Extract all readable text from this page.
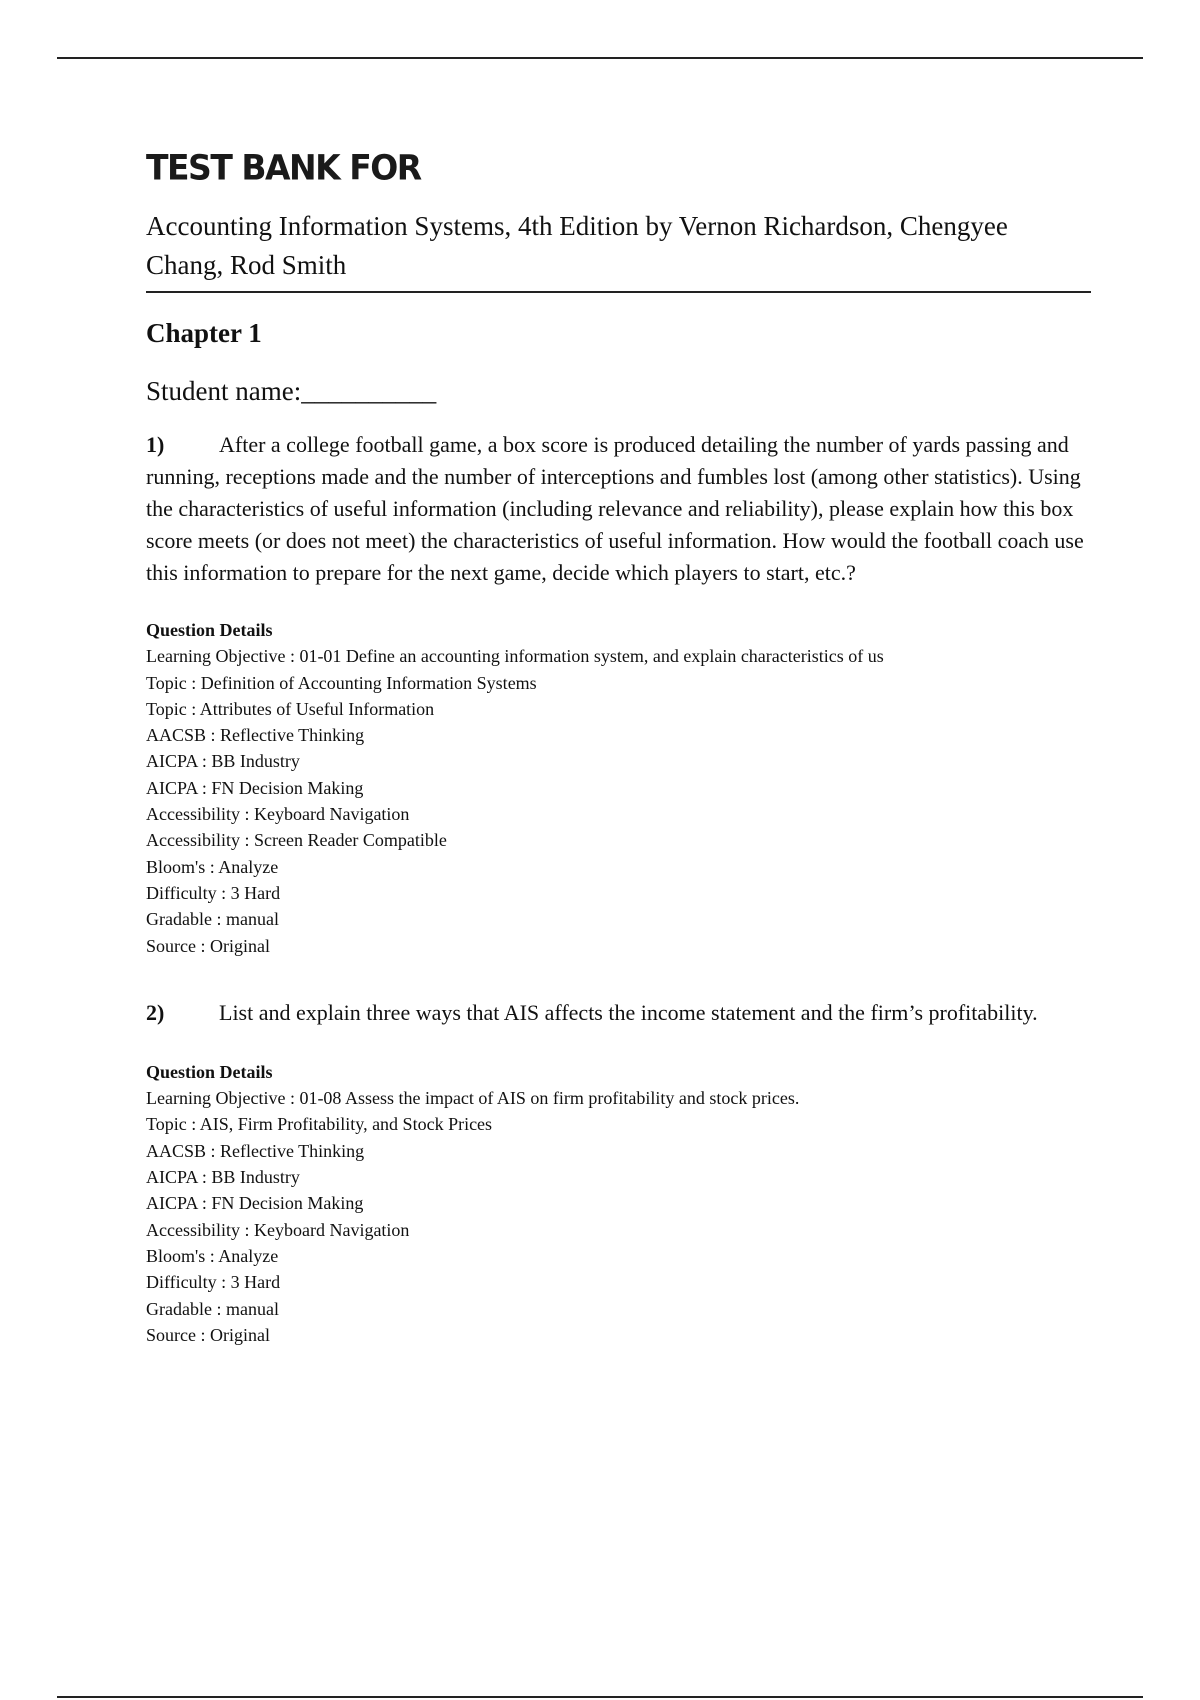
TEST BANK FOR
Accounting Information Systems, 4th Edition by Vernon Richardson, Chengyee Chang, Rod Smith
Chapter 1
Student name:__________
1) After a college football game, a box score is produced detailing the number of yards passing and running, receptions made and the number of interceptions and fumbles lost (among other statistics). Using the characteristics of useful information (including relevance and reliability), please explain how this box score meets (or does not meet) the characteristics of useful information. How would the football coach use this information to prepare for the next game, decide which players to start, etc.?
Question Details
Learning Objective : 01-01 Define an accounting information system, and explain characteristics of us
Topic : Definition of Accounting Information Systems
Topic : Attributes of Useful Information
AACSB : Reflective Thinking
AICPA : BB Industry
AICPA : FN Decision Making
Accessibility : Keyboard Navigation
Accessibility : Screen Reader Compatible
Bloom's : Analyze
Difficulty : 3 Hard
Gradable : manual
Source : Original
2) List and explain three ways that AIS affects the income statement and the firm’s profitability.
Question Details
Learning Objective : 01-08 Assess the impact of AIS on firm profitability and stock prices.
Topic : AIS, Firm Profitability, and Stock Prices
AACSB : Reflective Thinking
AICPA : BB Industry
AICPA : FN Decision Making
Accessibility : Keyboard Navigation
Bloom's : Analyze
Difficulty : 3 Hard
Gradable : manual
Source : Original
